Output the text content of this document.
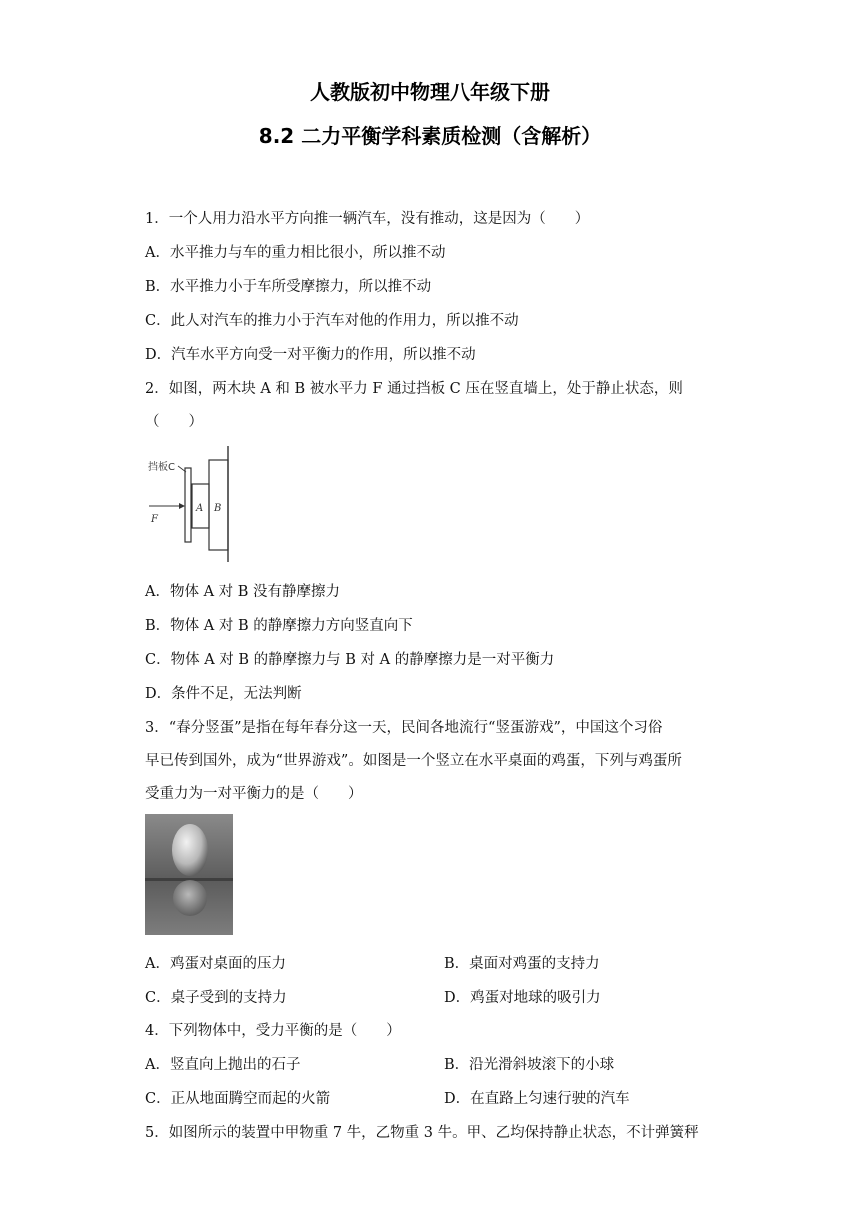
人教版初中物理八年级下册
8.2 二力平衡学科素质检测（含解析）
1．一个人用力沿水平方向推一辆汽车，没有推动，这是因为（　　）
A．水平推力与车的重力相比很小，所以推不动
B．水平推力小于车所受摩擦力，所以推不动
C．此人对汽车的推力小于汽车对他的作用力，所以推不动
D．汽车水平方向受一对平衡力的作用，所以推不动
2．如图，两木块 A 和 B 被水平力 F 通过挡板 C 压在竖直墙上，处于静止状态，则
（　　）
挡板C
F
A B
A．物体 A 对 B 没有静摩擦力
B．物体 A 对 B 的静摩擦力方向竖直向下
C．物体 A 对 B 的静摩擦力与 B 对 A 的静摩擦力是一对平衡力
D．条件不足，无法判断
3．“春分竖蛋”是指在每年春分这一天，民间各地流行“竖蛋游戏”，中国这个习俗
早已传到国外，成为“世界游戏”。如图是一个竖立在水平桌面的鸡蛋，下列与鸡蛋所
受重力为一对平衡力的是（　　）
A．鸡蛋对桌面的压力	B．桌面对鸡蛋的支持力
C．桌子受到的支持力	D．鸡蛋对地球的吸引力
4．下列物体中，受力平衡的是（　　）
A．竖直向上抛出的石子	B．沿光滑斜坡滚下的小球
C．正从地面腾空而起的火箭	D．在直路上匀速行驶的汽车
5．如图所示的装置中甲物重 7 牛，乙物重 3 牛。甲、乙均保持静止状态，不计弹簧秤
